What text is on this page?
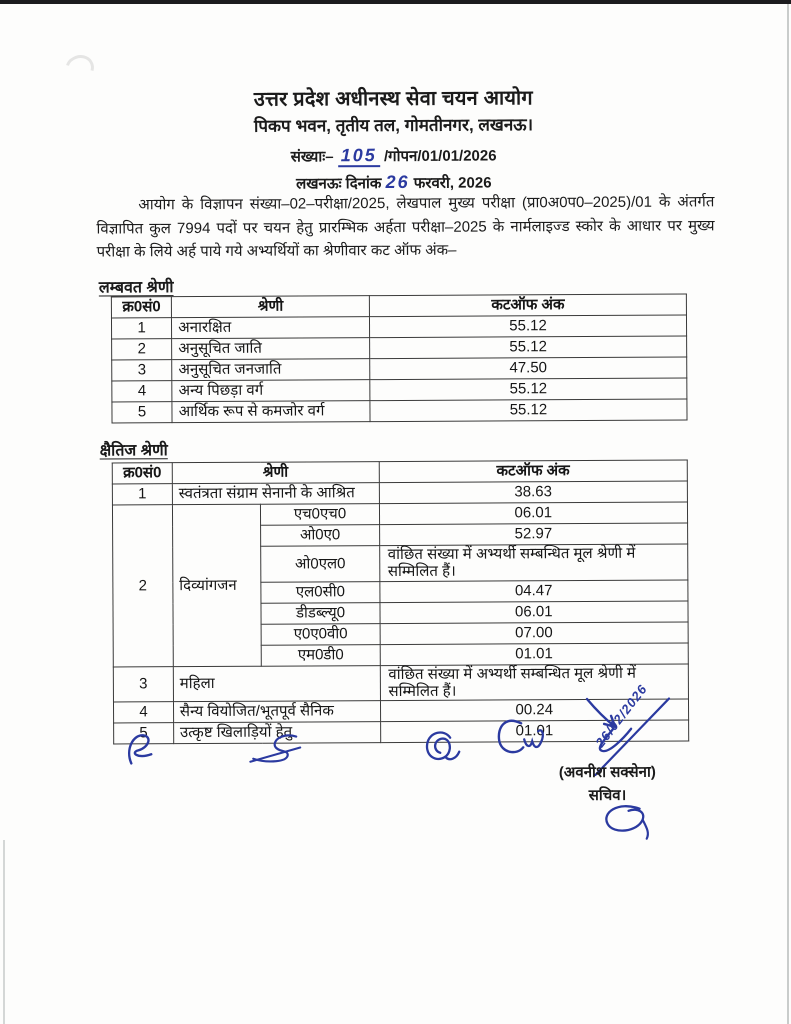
उत्तर प्रदेश अधीनस्थ सेवा चयन आयोग
पिकप भवन, तृतीय तल, गोमतीनगर, लखनऊ।
संख्याः– 105 /गोपन/01/01/2026
लखनऊः दिनांक 26 फरवरी, 2026
आयोग के विज्ञापन संख्या–02–परीक्षा/2025, लेखपाल मुख्य परीक्षा (प्रा0अ0प0–2025)/01 के अंतर्गत विज्ञापित कुल 7994 पदों पर चयन हेतु प्रारम्भिक अर्हता परीक्षा–2025 के नार्मलाइज्ड स्कोर के आधार पर मुख्य परीक्षा के लिये अर्ह पाये गये अभ्यर्थियों का श्रेणीवार कट ऑफ अंक–
लम्बवत श्रेणी
क्र0सं0	श्रेणी	कटऑफ अंक
1	अनारक्षित	55.12
2	अनुसूचित जाति	55.12
3	अनुसूचित जनजाति	47.50
4	अन्य पिछड़ा वर्ग	55.12
5	आर्थिक रूप से कमजोर वर्ग	55.12
क्षैतिज श्रेणी
क्र0सं0	श्रेणी		कटऑफ अंक
1	स्वतंत्रता संग्राम सेनानी के आश्रित		38.63
2	दिव्यांगजन	एच0एच0	06.01
		ओ0ए0	52.97
		ओ0एल0	वांछित संख्या में अभ्यर्थी सम्बन्धित मूल श्रेणी में सम्मिलित हैं।
		एल0सी0	04.47
		डीडब्ल्यू0	06.01
		ए0ए0वी0	07.00
		एम0डी0	01.01
3	महिला		वांछित संख्या में अभ्यर्थी सम्बन्धित मूल श्रेणी में सम्मिलित हैं।
4	सैन्य वियोजित/भूतपूर्व सैनिक		00.24
5	उत्कृष्ट खिलाड़ियों हेतु		01.01	26/02/2026
(अवनीश सक्सेना)
सचिव।
